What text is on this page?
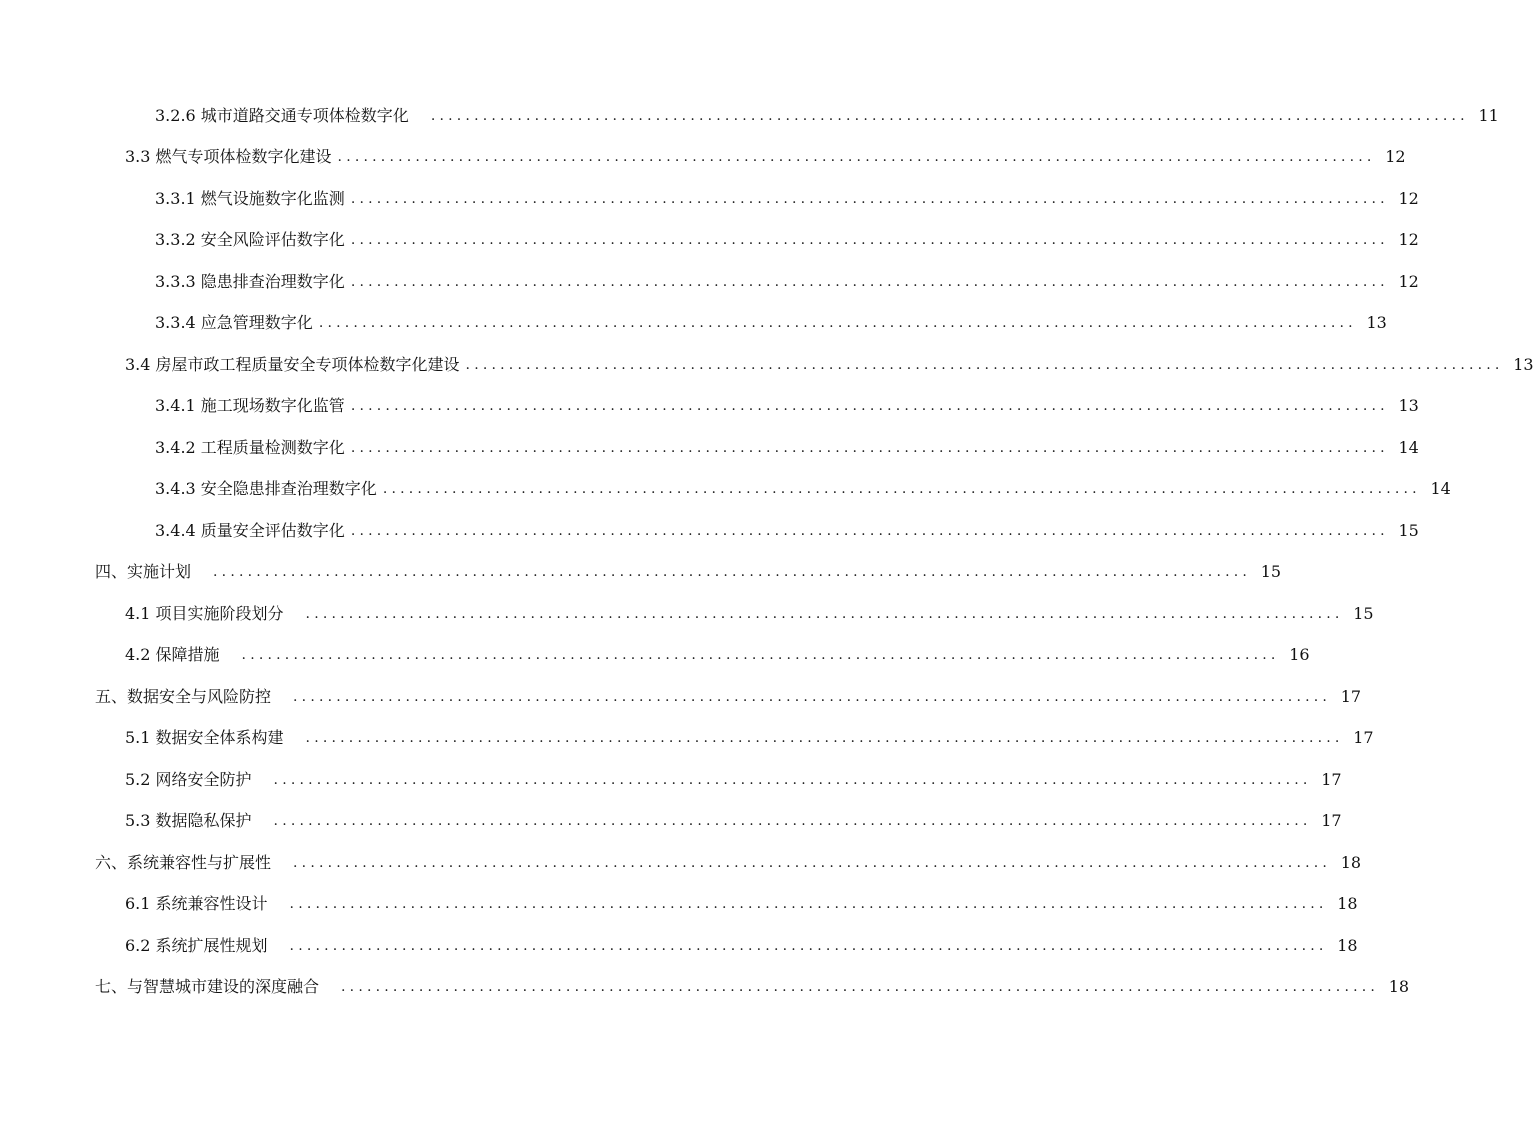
3.2.6 城市道路交通专项体检数字化 ........................................................................................................................ 11
3.3 燃气专项体检数字化建设 ........................................................................................................................ 12
3.3.1 燃气设施数字化监测 ........................................................................................................................ 12
3.3.2 安全风险评估数字化 ........................................................................................................................ 12
3.3.3 隐患排查治理数字化 ........................................................................................................................ 12
3.3.4 应急管理数字化 ........................................................................................................................ 13
3.4 房屋市政工程质量安全专项体检数字化建设 ........................................................................................................................ 13
3.4.1 施工现场数字化监管 ........................................................................................................................ 13
3.4.2 工程质量检测数字化 ........................................................................................................................ 14
3.4.3 安全隐患排查治理数字化 ........................................................................................................................ 14
3.4.4 质量安全评估数字化 ........................................................................................................................ 15
四、实施计划 ........................................................................................................................ 15
4.1 项目实施阶段划分 ........................................................................................................................ 15
4.2 保障措施 ........................................................................................................................ 16
五、数据安全与风险防控 ........................................................................................................................ 17
5.1 数据安全体系构建 ........................................................................................................................ 17
5.2 网络安全防护 ........................................................................................................................ 17
5.3 数据隐私保护 ........................................................................................................................ 17
六、系统兼容性与扩展性 ........................................................................................................................ 18
6.1 系统兼容性设计 ........................................................................................................................ 18
6.2 系统扩展性规划 ........................................................................................................................ 18
七、与智慧城市建设的深度融合 ........................................................................................................................ 18
